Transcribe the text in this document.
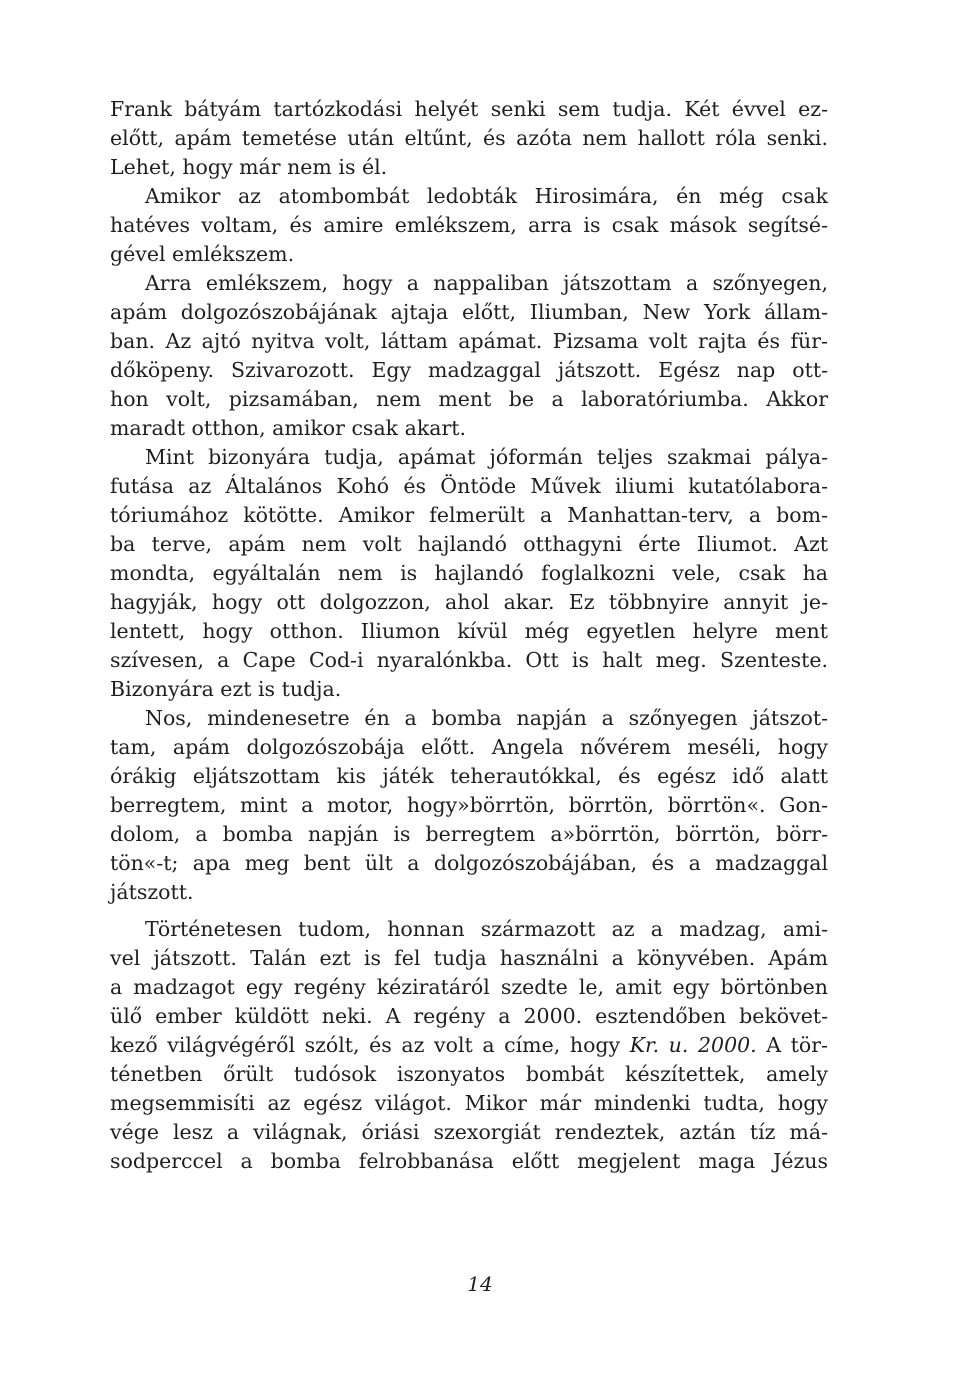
Frank bátyám tartózkodási helyét senki sem tudja. Két évvel ez-
előtt, apám temetése után eltűnt, és azóta nem hallott róla senki.
Lehet, hogy már nem is él.
Amikor az atombombát ledobták Hirosimára, én még csak
hatéves voltam, és amire emlékszem, arra is csak mások segítsé-
gével emlékszem.
Arra emlékszem, hogy a nappaliban játszottam a szőnyegen,
apám dolgozószobájának ajtaja előtt, Iliumban, New York állam-
ban. Az ajtó nyitva volt, láttam apámat. Pizsama volt rajta és für-
dőköpeny. Szivarozott. Egy madzaggal játszott. Egész nap ott-
hon volt, pizsamában, nem ment be a laboratóriumba. Akkor
maradt otthon, amikor csak akart.
Mint bizonyára tudja, apámat jóformán teljes szakmai pálya-
futása az Általános Kohó és Öntöde Művek iliumi kutatólabora-
tóriumához kötötte. Amikor felmerült a Manhattan-terv, a bom-
ba terve, apám nem volt hajlandó otthagyni érte Iliumot. Azt
mondta, egyáltalán nem is hajlandó foglalkozni vele, csak ha
hagyják, hogy ott dolgozzon, ahol akar. Ez többnyire annyit je-
lentett, hogy otthon. Iliumon kívül még egyetlen helyre ment
szívesen, a Cape Cod-i nyaralónkba. Ott is halt meg. Szenteste.
Bizonyára ezt is tudja.
Nos, mindenesetre én a bomba napján a szőnyegen játszot-
tam, apám dolgozószobája előtt. Angela nővérem meséli, hogy
órákig eljátszottam kis játék teherautókkal, és egész idő alatt
berregtem, mint a motor, hogy»börrtön, börrtön, börrtön«. Gon-
dolom, a bomba napján is berregtem a»börrtön, börrtön, börr-
tön«-t; apa meg bent ült a dolgozószobájában, és a madzaggal
játszott.
Történetesen tudom, honnan származott az a madzag, ami-
vel játszott. Talán ezt is fel tudja használni a könyvében. Apám
a madzagot egy regény kéziratáról szedte le, amit egy börtönben
ülő ember küldött neki. A regény a 2000. esztendőben bekövet-
kező világvégéről szólt, és az volt a címe, hogy Kr. u. 2000. A tör-
ténetben őrült tudósok iszonyatos bombát készítettek, amely
megsemmisíti az egész világot. Mikor már mindenki tudta, hogy
vége lesz a világnak, óriási szexorgiát rendeztek, aztán tíz má-
sodperccel a bomba felrobbanása előtt megjelent maga Jézus
14
